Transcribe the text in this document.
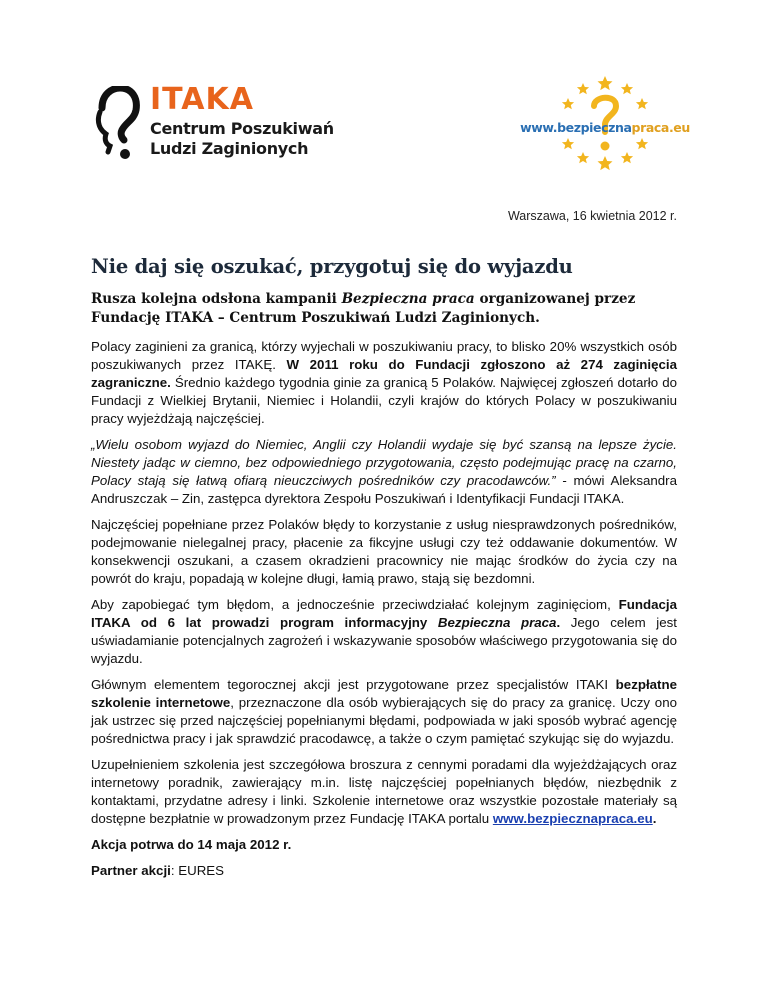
ITAKA
Centrum Poszukiwań
Ludzi Zaginionych
www.bezpiecznapraca.eu
Warszawa, 16 kwietnia 2012 r.
Nie daj się oszukać, przygotuj się do wyjazdu
Rusza kolejna odsłona kampanii Bezpieczna praca organizowanej przez Fundację ITAKA – Centrum Poszukiwań Ludzi Zaginionych.

Polacy zaginieni za granicą, którzy wyjechali w poszukiwaniu pracy, to blisko 20% wszystkich osób poszukiwanych przez ITAKĘ. W 2011 roku do Fundacji zgłoszono aż 274 zaginięcia zagraniczne. Średnio każdego tygodnia ginie za granicą 5 Polaków. Najwięcej zgłoszeń dotarło do Fundacji z Wielkiej Brytanii, Niemiec i Holandii, czyli krajów do których Polacy w poszukiwaniu pracy wyjeżdżają najczęściej.

„Wielu osobom wyjazd do Niemiec, Anglii czy Holandii wydaje się być szansą na lepsze życie. Niestety jadąc w ciemno, bez odpowiedniego przygotowania, często podejmując pracę na czarno, Polacy stają się łatwą ofiarą nieuczciwych pośredników czy pracodawców.” - mówi Aleksandra Andruszczak – Zin, zastępca dyrektora Zespołu Poszukiwań i Identyfikacji Fundacji ITAKA.

Najczęściej popełniane przez Polaków błędy to korzystanie z usług niesprawdzonych pośredników, podejmowanie nielegalnej pracy, płacenie za fikcyjne usługi czy też oddawanie dokumentów. W konsekwencji oszukani, a czasem okradzieni pracownicy nie mając środków do życia czy na powrót do kraju, popadają w kolejne długi, łamią prawo, stają się bezdomni.

Aby zapobiegać tym błędom, a jednocześnie przeciwdziałać kolejnym zaginięciom, Fundacja ITAKA od 6 lat prowadzi program informacyjny Bezpieczna praca. Jego celem jest uświadamianie potencjalnych zagrożeń i wskazywanie sposobów właściwego przygotowania się do wyjazdu.

Głównym elementem tegorocznej akcji jest przygotowane przez specjalistów ITAKI bezpłatne szkolenie internetowe, przeznaczone dla osób wybierających się do pracy za granicę. Uczy ono jak ustrzec się przed najczęściej popełnianymi błędami, podpowiada w jaki sposób wybrać agencję pośrednictwa pracy i jak sprawdzić pracodawcę, a także o czym pamiętać szykując się do wyjazdu.

Uzupełnieniem szkolenia jest szczegółowa broszura z cennymi poradami dla wyjeżdżających oraz internetowy poradnik, zawierający m.in. listę najczęściej popełnianych błędów, niezbędnik z kontaktami, przydatne adresy i linki. Szkolenie internetowe oraz wszystkie pozostałe materiały są dostępne bezpłatnie w prowadzonym przez Fundację ITAKA portalu www.bezpiecznapraca.eu.

Akcja potrwa do 14 maja 2012 r.

Partner akcji: EURES
